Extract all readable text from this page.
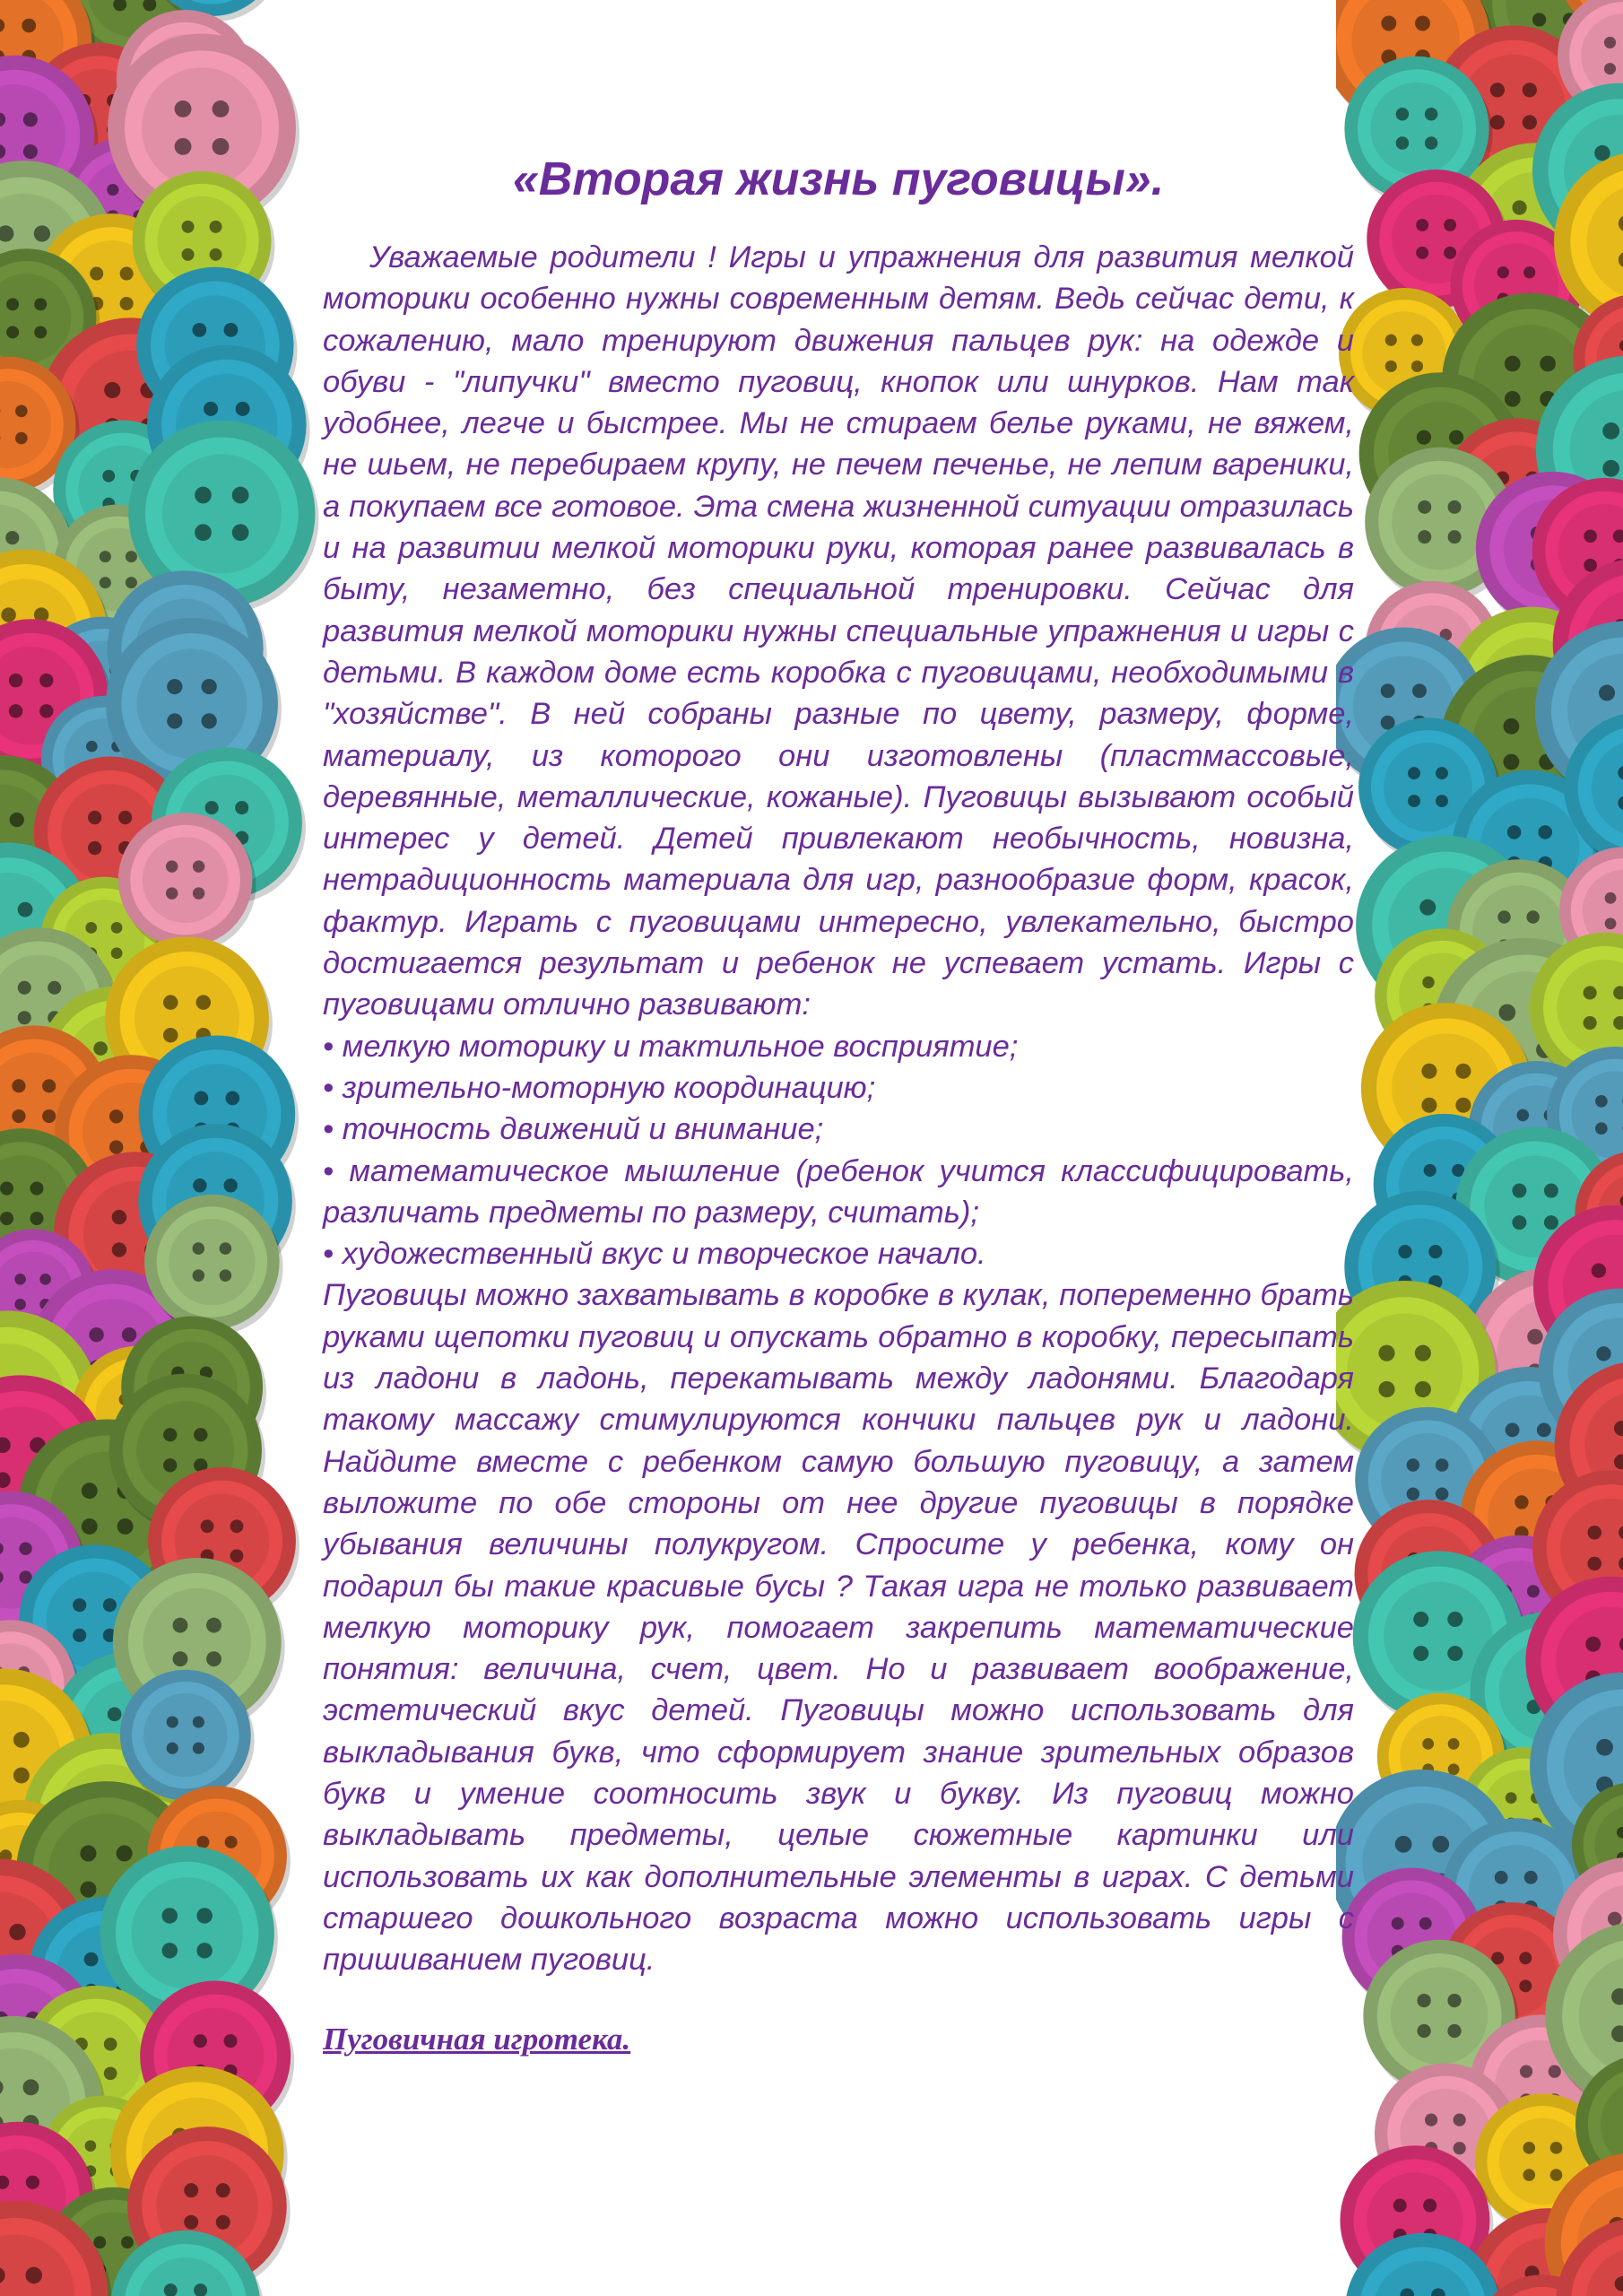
«Вторая жизнь пуговицы».

Уважаемые родители ! Игры и упражнения для развития мелкой моторики особенно нужны современным детям. Ведь сейчас дети, к сожалению, мало тренируют движения пальцев рук: на одежде и обуви - "липучки" вместо пуговиц, кнопок или шнурков. Нам так удобнее, легче и быстрее. Мы не стираем белье руками, не вяжем, не шьем, не перебираем крупу, не печем печенье, не лепим вареники, а покупаем все готовое. Эта смена жизненной ситуации отразилась и на развитии мелкой моторики руки, которая ранее развивалась в быту, незаметно, без специальной тренировки. Сейчас для развития мелкой моторики нужны специальные упражнения и игры с детьми. В каждом доме есть коробка с пуговицами, необходимыми в "хозяйстве". В ней собраны разные по цвету, размеру, форме, материалу, из которого они изготовлены (пластмассовые, деревянные, металлические, кожаные). Пуговицы вызывают особый интерес у детей. Детей привлекают необычность, новизна, нетрадиционность материала для игр, разнообразие форм, красок, фактур. Играть с пуговицами интересно, увлекательно, быстро достигается результат и ребенок не успевает устать. Игры с пуговицами отлично развивают:

• мелкую моторику и тактильное восприятие;
• зрительно-моторную координацию;
• точность движений и внимание;
• математическое мышление (ребенок учится классифицировать, различать предметы по размеру, считать);
• художественный вкус и творческое начало.

Пуговицы можно захватывать в коробке в кулак, попеременно брать руками щепотки пуговиц и опускать обратно в коробку, пересыпать из ладони в ладонь, перекатывать между ладонями. Благодаря такому массажу стимулируются кончики пальцев рук и ладони. Найдите вместе с ребенком самую большую пуговицу, а затем выложите по обе стороны от нее другие пуговицы в порядке убывания величины полукругом. Спросите у ребенка, кому он подарил бы такие красивые бусы ? Такая игра не только развивает мелкую моторику рук, помогает закрепить математические понятия: величина, счет, цвет. Но и развивает воображение, эстетический вкус детей. Пуговицы можно использовать для выкладывания букв, что сформирует знание зрительных образов букв и умение соотносить звук и букву. Из пуговиц можно выкладывать предметы, целые сюжетные картинки или использовать их как дополнительные элементы в играх. С детьми старшего дошкольного возраста можно использовать игры с пришиванием пуговиц.

Пуговичная игротека.
